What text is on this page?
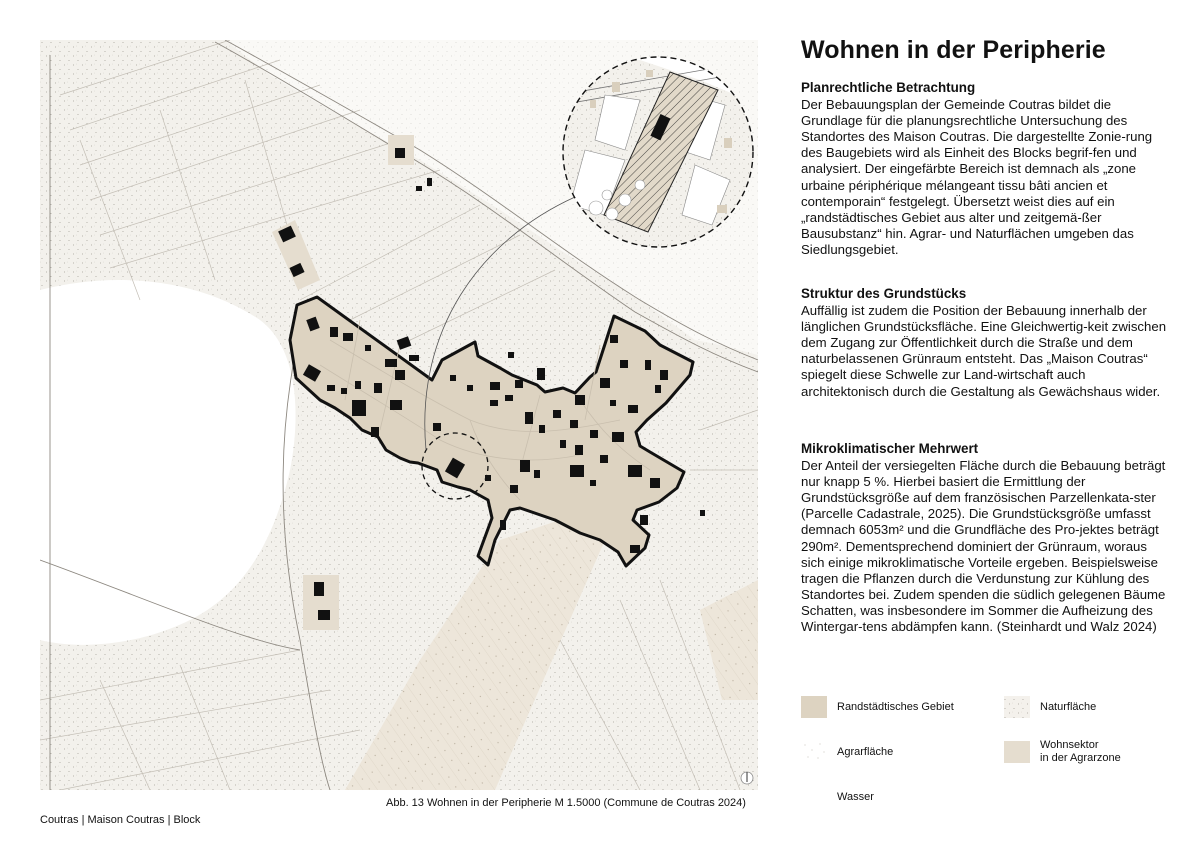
Wohnen in der Peripherie
Planrechtliche Betrachtung

Der Bebauungsplan der Gemeinde Coutras bildet die Grundlage für die planungsrechtliche Untersuchung des Standortes des Maison Coutras. Die dargestellte Zonie-rung des Baugebiets wird als Einheit des Blocks begrif-fen und analysiert. Der eingefärbte Bereich ist demnach als „zone urbaine périphérique mélangeant tissu bâti ancien et contemporain“ festgelegt. Übersetzt weist dies auf ein „randstädtisches Gebiet aus alter und zeitgemä-ßer Bausubstanz“ hin. Agrar- und Naturflächen umgeben das Siedlungsgebiet.

Struktur des Grundstücks

Auffällig ist zudem die Position der Bebauung innerhalb der länglichen Grundstücksfläche. Eine Gleichwertig-keit zwischen dem Zugang zur Öffentlichkeit durch die Straße und dem naturbelassenen Grünraum entsteht. Das „Maison Coutras“ spiegelt diese Schwelle zur Land-wirtschaft auch architektonisch durch die Gestaltung als Gewächshaus wider.

Mikroklimatischer Mehrwert

Der Anteil der versiegelten Fläche durch die Bebauung beträgt nur knapp 5 %. Hierbei basiert die Ermittlung der Grundstücksgröße auf dem französischen Parzellenkata-ster (Parcelle Cadastrale, 2025). Die Grundstücksgröße umfasst demnach 6053m² und die Grundfläche des Pro-jektes beträgt 290m². Dementsprechend dominiert der Grünraum, woraus sich einige mikroklimatische Vorteile ergeben. Beispielsweise tragen die Pflanzen durch die Verdunstung zur Kühlung des Standortes bei. Zudem spenden die südlich gelegenen Bäume Schatten, was insbesondere im Sommer die Aufheizung des Wintergar-tens abdämpfen kann. (Steinhardt und Walz 2024)

Randstädtisches Gebiet	Naturfläche
Agrarfläche
Wohnsektor
in der Agrarzone
Wasser
Abb. 13 Wohnen in der Peripherie M 1.5000 (Commune de Coutras 2024)
Coutras | Maison Coutras | Block
